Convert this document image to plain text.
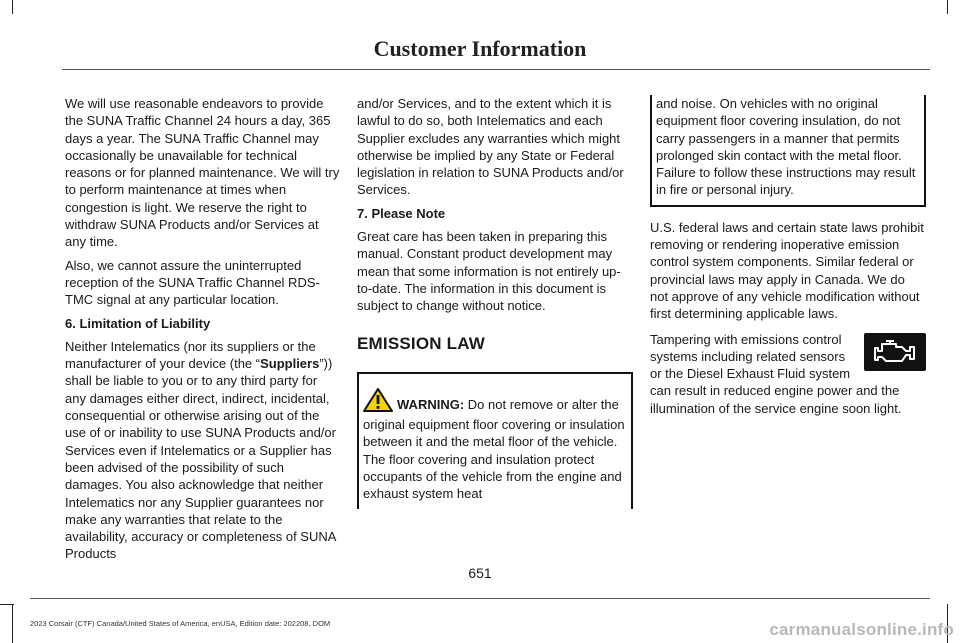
Customer Information

We will use reasonable endeavors to provide the SUNA Traffic Channel 24 hours a day, 365 days a year. The SUNA Traffic Channel may occasionally be unavailable for technical reasons or for planned maintenance. We will try to perform maintenance at times when congestion is light. We reserve the right to withdraw SUNA Products and/or Services at any time.

Also, we cannot assure the uninterrupted reception of the SUNA Traffic Channel RDS-TMC signal at any particular location.

6. Limitation of Liability

Neither Intelematics (nor its suppliers or the manufacturer of your device (the “Suppliers”)) shall be liable to you or to any third party for any damages either direct, indirect, incidental, consequential or otherwise arising out of the use of or inability to use SUNA Products and/or Services even if Intelematics or a Supplier has been advised of the possibility of such damages. You also acknowledge that neither Intelematics nor any Supplier guarantees nor make any warranties that relate to the availability, accuracy or completeness of SUNA Products

and/or Services, and to the extent which it is lawful to do so, both Intelematics and each Supplier excludes any warranties which might otherwise be implied by any State or Federal legislation in relation to SUNA Products and/or Services.

7. Please Note

Great care has been taken in preparing this manual. Constant product development may mean that some information is not entirely up-to-date. The information in this document is subject to change without notice.

EMISSION LAW
WARNING: Do not remove or alter the original equipment floor covering or insulation between it and the metal floor of the vehicle. The floor covering and insulation protect occupants of the vehicle from the engine and exhaust system heat
and noise. On vehicles with no original equipment floor covering insulation, do not carry passengers in a manner that permits prolonged skin contact with the metal floor. Failure to follow these instructions may result in fire or personal injury.

U.S. federal laws and certain state laws prohibit removing or rendering inoperative emission control system components. Similar federal or provincial laws may apply in Canada. We do not approve of any vehicle modification without first determining applicable laws.

Tampering with emissions control systems including related sensors or the Diesel Exhaust Fluid system can result in reduced engine power and the illumination of the service engine soon light.

651
2023 Corsair (CTF) Canada/United States of America, enUSA, Edition date: 202208, DOM	carmanualsonline.info
